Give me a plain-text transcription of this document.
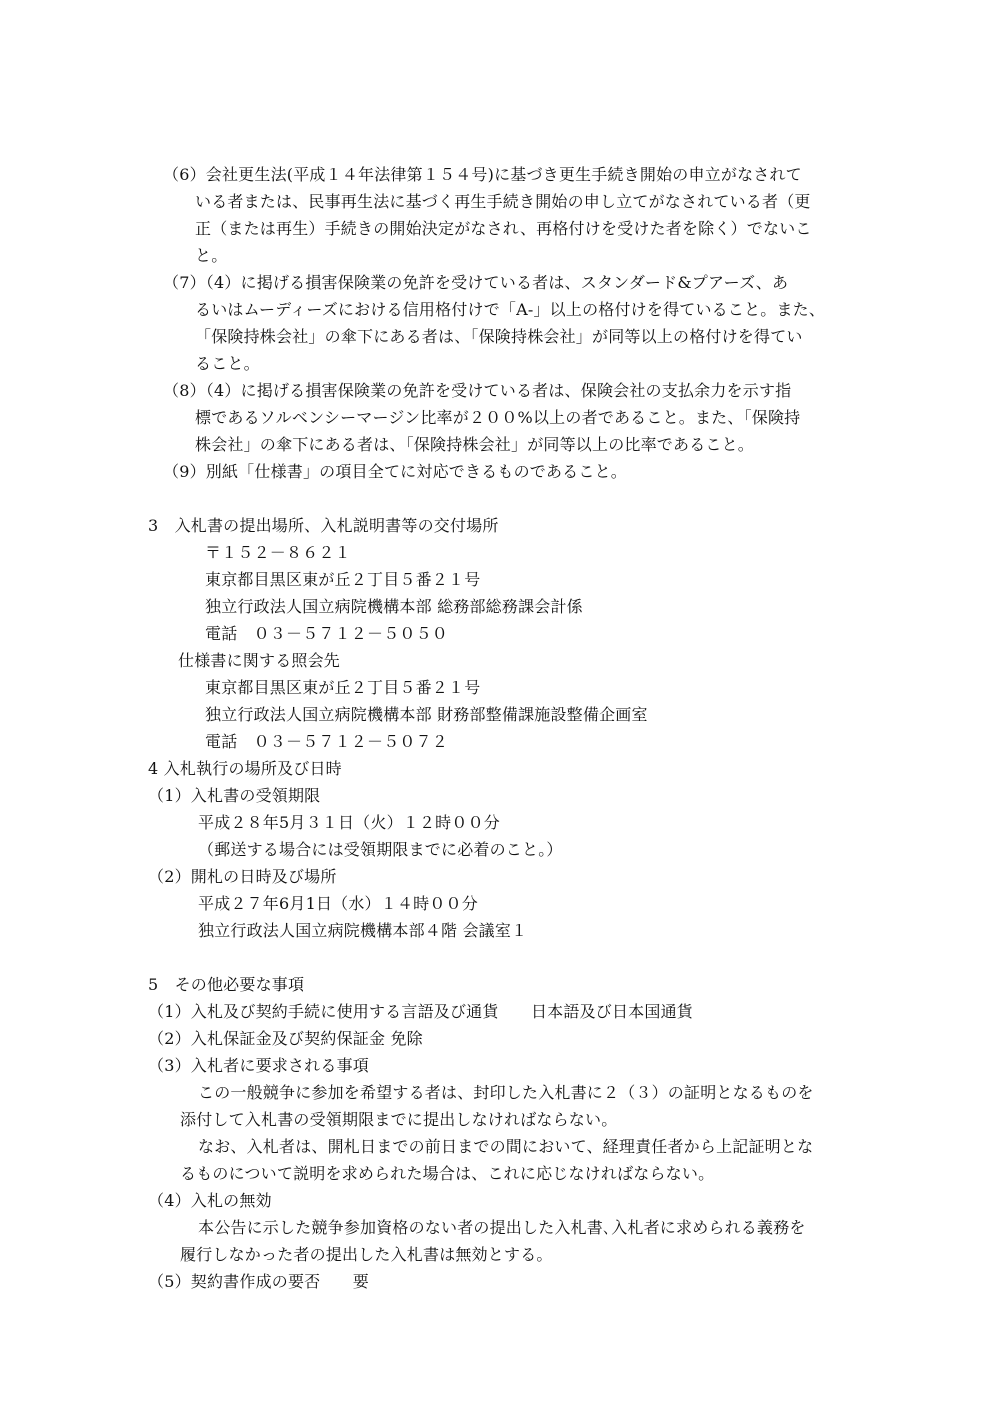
（6）会社更生法(平成１４年法律第１５４号)に基づき更生手続き開始の申立がなされて
いる者または、民事再生法に基づく再生手続き開始の申し立てがなされている者（更
正（または再生）手続きの開始決定がなされ、再格付けを受けた者を除く）でないこ
と。
（7）（4）に掲げる損害保険業の免許を受けている者は、スタンダード&プアーズ、あ
るいはムーディーズにおける信用格付けで「A-」以上の格付けを得ていること。また、
「保険持株会社」の傘下にある者は、「保険持株会社」が同等以上の格付けを得てい
ること。
（8）（4）に掲げる損害保険業の免許を受けている者は、保険会社の支払余力を示す指
標であるソルベンシーマージン比率が２００%以上の者であること。また、「保険持
株会社」の傘下にある者は、「保険持株会社」が同等以上の比率であること。
（9）別紙「仕様書」の項目全てに対応できるものであること。
3　入札書の提出場所、入札説明書等の交付場所
〒１５２－８６２１
東京都目黒区東が丘２丁目５番２１号
独立行政法人国立病院機構本部 総務部総務課会計係
電話　０３－５７１２－５０５０
仕様書に関する照会先
東京都目黒区東が丘２丁目５番２１号
独立行政法人国立病院機構本部 財務部整備課施設整備企画室
電話　０３－５７１２－５０７２
4 入札執行の場所及び日時
（1）入札書の受領期限
平成２８年5月３１日（火）１２時００分
（郵送する場合には受領期限までに必着のこと。）
（2）開札の日時及び場所
平成２７年6月1日（水）１４時００分
独立行政法人国立病院機構本部４階 会議室１
5　その他必要な事項
（1）入札及び契約手続に使用する言語及び通貨　　日本語及び日本国通貨
（2）入札保証金及び契約保証金 免除
（3）入札者に要求される事項
この一般競争に参加を希望する者は、封印した入札書に２（３）の証明となるものを
添付して入札書の受領期限までに提出しなければならない。
なお、入札者は、開札日までの前日までの間において、経理責任者から上記証明とな
るものについて説明を求められた場合は、これに応じなければならない。
（4）入札の無効
本公告に示した競争参加資格のない者の提出した入札書､入札者に求められる義務を
履行しなかった者の提出した入札書は無効とする。
（5）契約書作成の要否　　要
